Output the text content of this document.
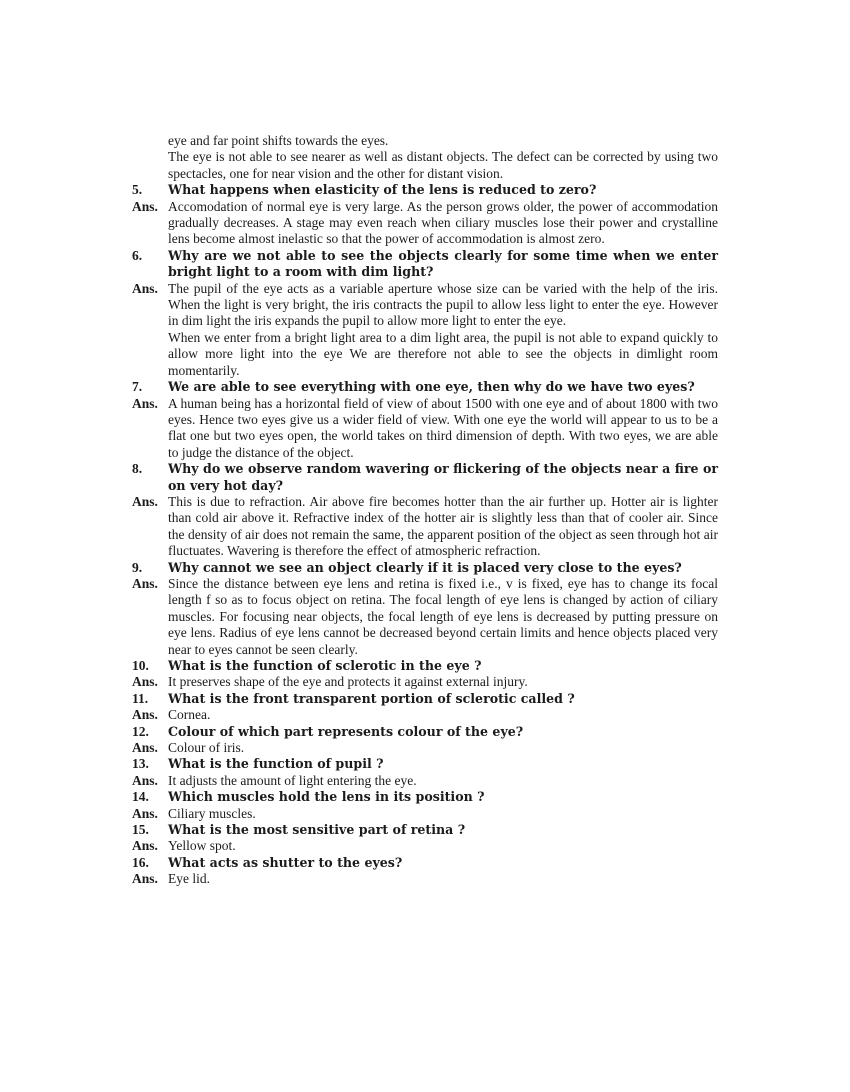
eye and far point shifts towards the eyes.

The eye is not able to see nearer as well as distant objects. The defect can be corrected by using two spectacles, one for near vision and the other for distant vision.

5.	What happens when elasticity of the lens is reduced to zero?
Ans. Accomodation of normal eye is very large. As the person grows older, the power of accommodation gradually decreases. A stage may even reach when ciliary muscles lose their power and crystalline lens become almost inelastic so that the power of accommodation is almost zero.
6.	Why are we not able to see the objects clearly for some time when we enter bright light to a room with dim light?
Ans. The pupil of the eye acts as a variable aperture whose size can be varied with the help of the iris. When the light is very bright, the iris contracts the pupil to allow less light to enter the eye. However in dim light the iris expands the pupil to allow more light to enter the eye.
When we enter from a bright light area to a dim light area, the pupil is not able to expand quickly to allow more light into the eye We are therefore not able to see the objects in dimlight room momentarily.
7.	We are able to see everything with one eye, then why do we have two eyes?
Ans. A human being has a horizontal field of view of about 1500 with one eye and of about 1800 with two eyes. Hence two eyes give us a wider field of view. With one eye the world will appear to us to be a flat one but two eyes open, the world takes on third dimension of depth. With two eyes, we are able to judge the distance of the object.
8.	Why do we observe random wavering or flickering of the objects near a fire or on very hot day?
Ans. This is due to refraction. Air above fire becomes hotter than the air further up. Hotter air is lighter than cold air above it. Refractive index of the hotter air is slightly less than that of cooler air. Since the density of air does not remain the same, the apparent position of the object as seen through hot air fluctuates. Wavering is therefore the effect of atmospheric refraction.
9.	Why cannot we see an object clearly if it is placed very close to the eyes?
Ans. Since the distance between eye lens and retina is fixed i.e., v is fixed, eye has to change its focal length f so as to focus object on retina. The focal length of eye lens is changed by action of ciliary muscles. For focusing near objects, the focal length of eye lens is decreased by putting pressure on eye lens. Radius of eye lens cannot be decreased beyond certain limits and hence objects placed very near to eyes cannot be seen clearly.
10.	What is the function of sclerotic in the eye ?
Ans. It preserves shape of the eye and protects it against external injury.
11.	What is the front transparent portion of sclerotic called ?
Ans. Cornea.
12.	Colour of which part represents colour of the eye?
Ans. Colour of iris.
13.	What is the function of pupil ?
Ans. It adjusts the amount of light entering the eye.
14.	Which muscles hold the lens in its position ?
Ans. Ciliary muscles.
15.	What is the most sensitive part of retina ?
Ans. Yellow spot.
16.	What acts as shutter to the eyes?
Ans. Eye lid.
